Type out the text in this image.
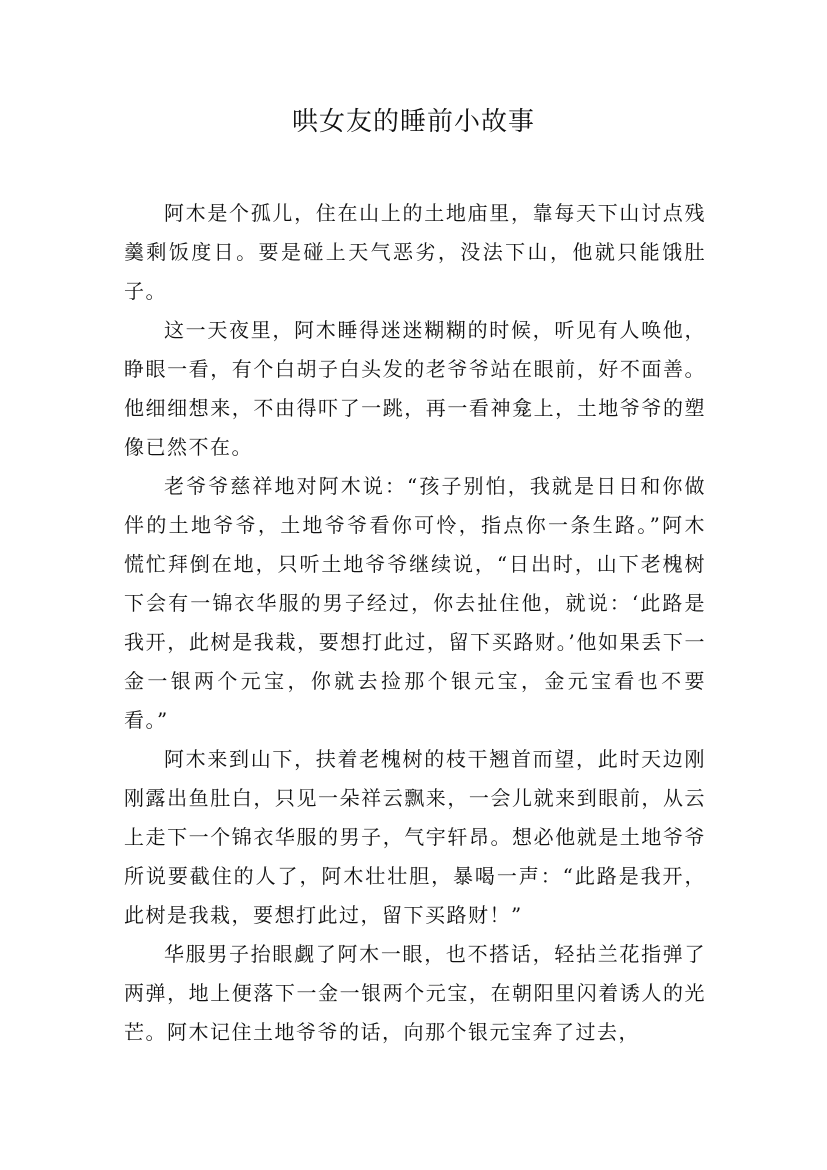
哄女友的睡前小故事

阿木是个孤儿，住在山上的土地庙里，靠每天下山讨点残羹剩饭度日。要是碰上天气恶劣，没法下山，他就只能饿肚子。

这一天夜里，阿木睡得迷迷糊糊的时候，听见有人唤他，睁眼一看，有个白胡子白头发的老爷爷站在眼前，好不面善。他细细想来，不由得吓了一跳，再一看神龛上，土地爷爷的塑像已然不在。

老爷爷慈祥地对阿木说：“孩子别怕，我就是日日和你做伴的土地爷爷，土地爷爷看你可怜，指点你一条生路。”阿木慌忙拜倒在地，只听土地爷爷继续说，“日出时，山下老槐树下会有一锦衣华服的男子经过，你去扯住他，就说：‘此路是我开，此树是我栽，要想打此过，留下买路财。’他如果丢下一金一银两个元宝，你就去捡那个银元宝，金元宝看也不要看。”

阿木来到山下，扶着老槐树的枝干翘首而望，此时天边刚刚露出鱼肚白，只见一朵祥云飘来，一会儿就来到眼前，从云上走下一个锦衣华服的男子，气宇轩昂。想必他就是土地爷爷所说要截住的人了，阿木壮壮胆，暴喝一声：“此路是我开，此树是我栽，要想打此过，留下买路财！”

华服男子抬眼觑了阿木一眼，也不搭话，轻拈兰花指弹了两弹，地上便落下一金一银两个元宝，在朝阳里闪着诱人的光芒。阿木记住土地爷爷的话，向那个银元宝奔了过去，
